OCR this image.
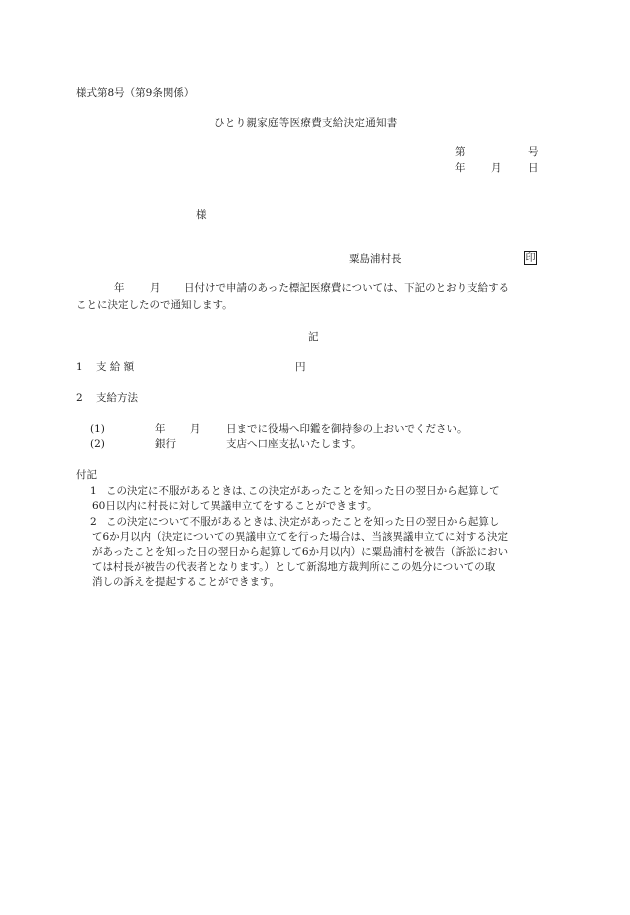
様式第8号（第9条関係）
ひとり親家庭等医療費支給決定通知書
第	号
年 月	日
様
粟島浦村長	印
年 月 日付けで申請のあった標記医療費については、下記のとおり支給する
ことに決定したので通知します。
記
1 支 給 額	円
2 支給方法
(1)	年 月 日までに役場へ印鑑を御持参の上おいでください。
(2)	銀行	支店へ口座支払いたします。
付記
1 この決定に不服があるときは､この決定があったことを知った日の翌日から起算して
60日以内に村長に対して異議申立てをすることができます。
2 この決定について不服があるときは､決定があったことを知った日の翌日から起算し
て6か月以内（決定についての異議申立てを行った場合は、当該異議申立てに対する決定
があったことを知った日の翌日から起算して6か月以内）に粟島浦村を被告（訴訟におい
ては村長が被告の代表者となります。）として新潟地方裁判所にこの処分についての取
消しの訴えを提起することができます。
